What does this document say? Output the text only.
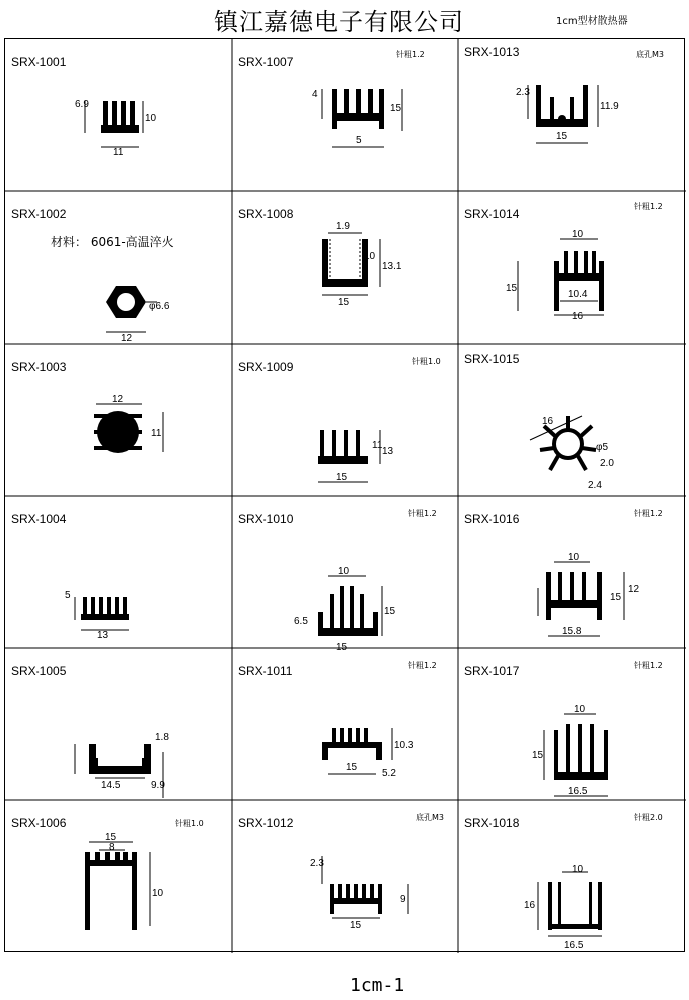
镇江嘉德电子有限公司	1cm型材散热器
SRX-1001
6.9
10
11
SRX-1002
材料： 6061-高温淬火
φ6.6
12
SRX-1003
12
11
SRX-1004
5
13
SRX-1005
1.8
14.5	9.9
SRX-1006	针粗1.0
15
8
10
SRX-1007
针粗1.2
4
5
15
SRX-1008
1.9
10
13.1
15
SRX-1009	针粗1.0
11
13
15
SRX-1010	针粗1.2
10
6.5
15
15
SRX-1011	针粗1.2
10.3
15
5.2
SRX-1012	底孔M3
2.3
15
9
SRX-1013	底孔M3
2.3
11.9
15
SRX-1014
针粗1.2
10
15
10.4
16
SRX-1015
16
φ5
2.0
2.4
SRX-1016	针粗1.2
10
15
15.8
12
SRX-1017	针粗1.2
10
16.5
15
SRX-1018	针粗2.0
10
16
16.5
1cm-1
